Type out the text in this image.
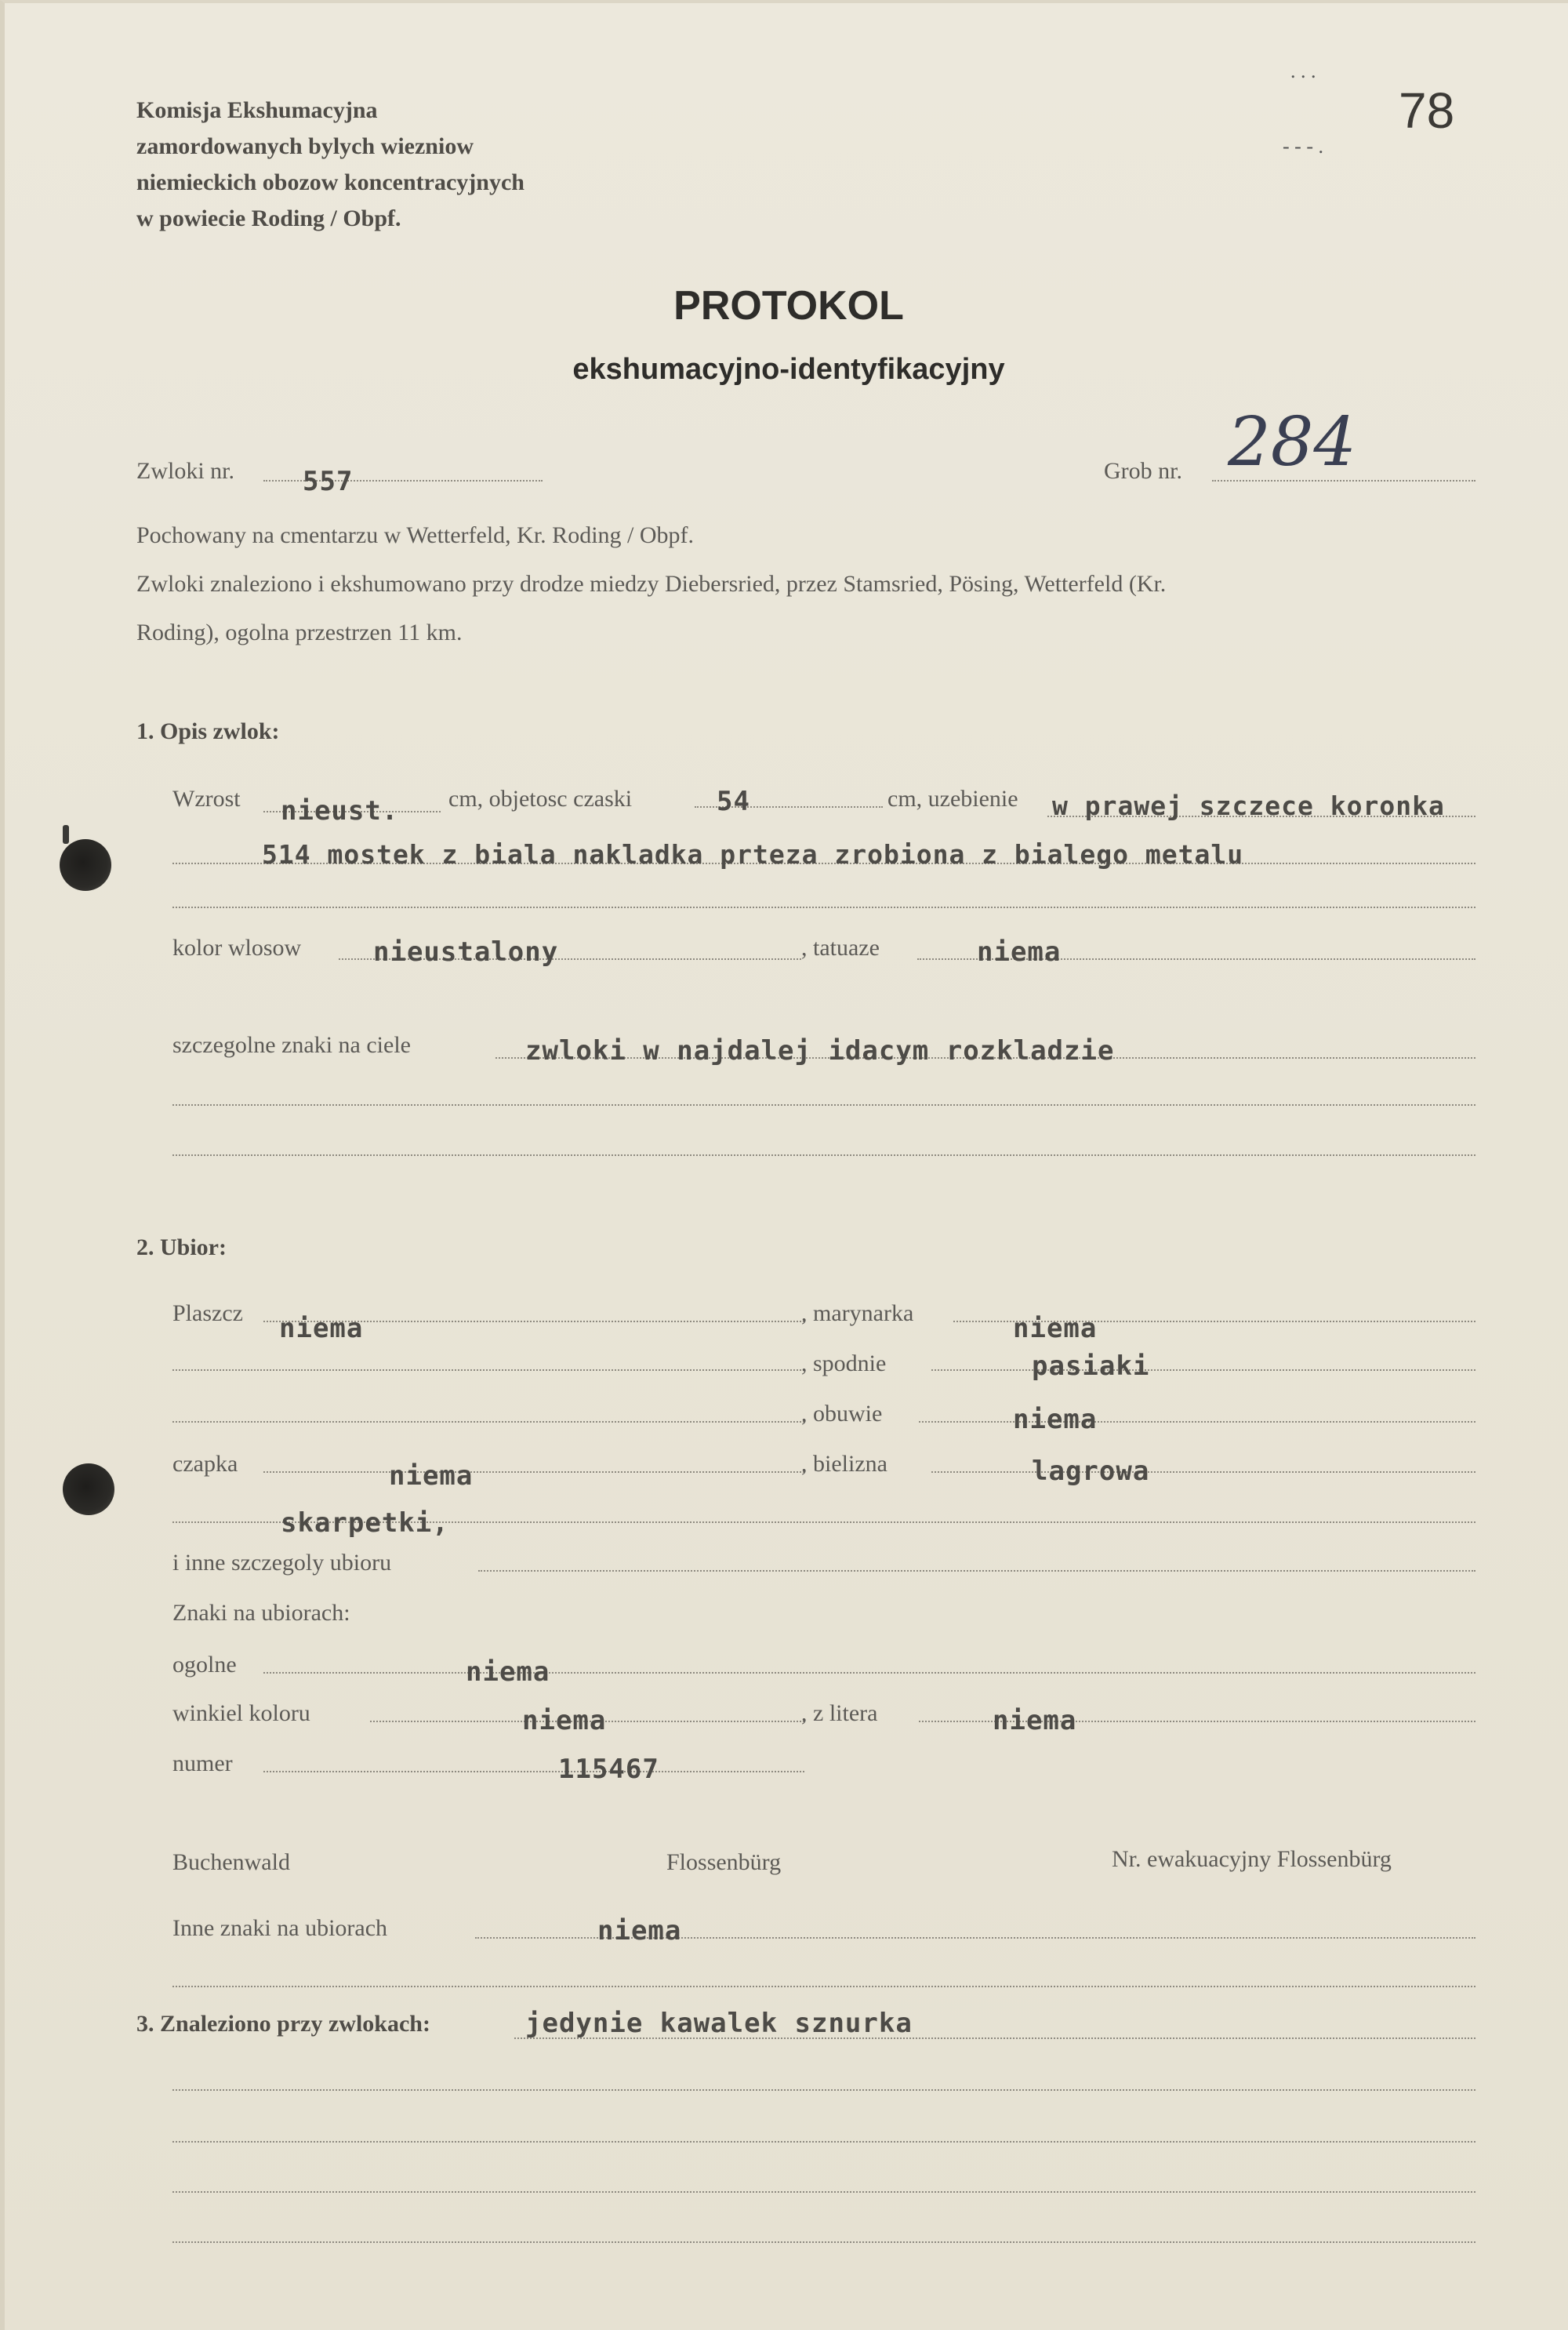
78
. . .
- - - .
Komisja Ekshumacyjna
zamordowanych bylych wiezniow
niemieckich obozow koncentracyjnych
w powiecie Roding / Obpf.
PROTOKOL
ekshumacyjno-identyfikacyjny
Zwloki nr.	557	Grob nr. 284
Pochowany na cmentarzu w Wetterfeld, Kr. Roding / Obpf.
Zwloki znaleziono i ekshumowano przy drodze miedzy Diebersried, przez Stamsried, Pösing, Wetterfeld (Kr.
Roding), ogolna przestrzen 11 km.
1. Opis zwlok:
Wzrost nieust. cm, objetosc czaski	54	cm, uzebienie w prawej szczece koronka
514 mostek z biala nakladka prteza zrobiona z bialego metalu
kolor wlosow	nieustalony	, tatuaze	niema
szczegolne znaki na ciele	zwloki w najdalej idacym rozkladzie
2. Ubior:
Plaszcz niema	, marynarka	niema
, spodnie	pasiaki
, obuwie	niema
czapka	niema	, bielizna	lagrowa
skarpetki,
i inne szczegoly ubioru
Znaki na ubiorach:
ogolne	niema
winkiel koloru	niema	, z litera	niema
numer	115467
Buchenwald	Flossenbürg	Nr. ewakuacyjny Flossenbürg
Inne znaki na ubiorach	niema
3. Znaleziono przy zwlokach:	jedynie kawalek sznurka
